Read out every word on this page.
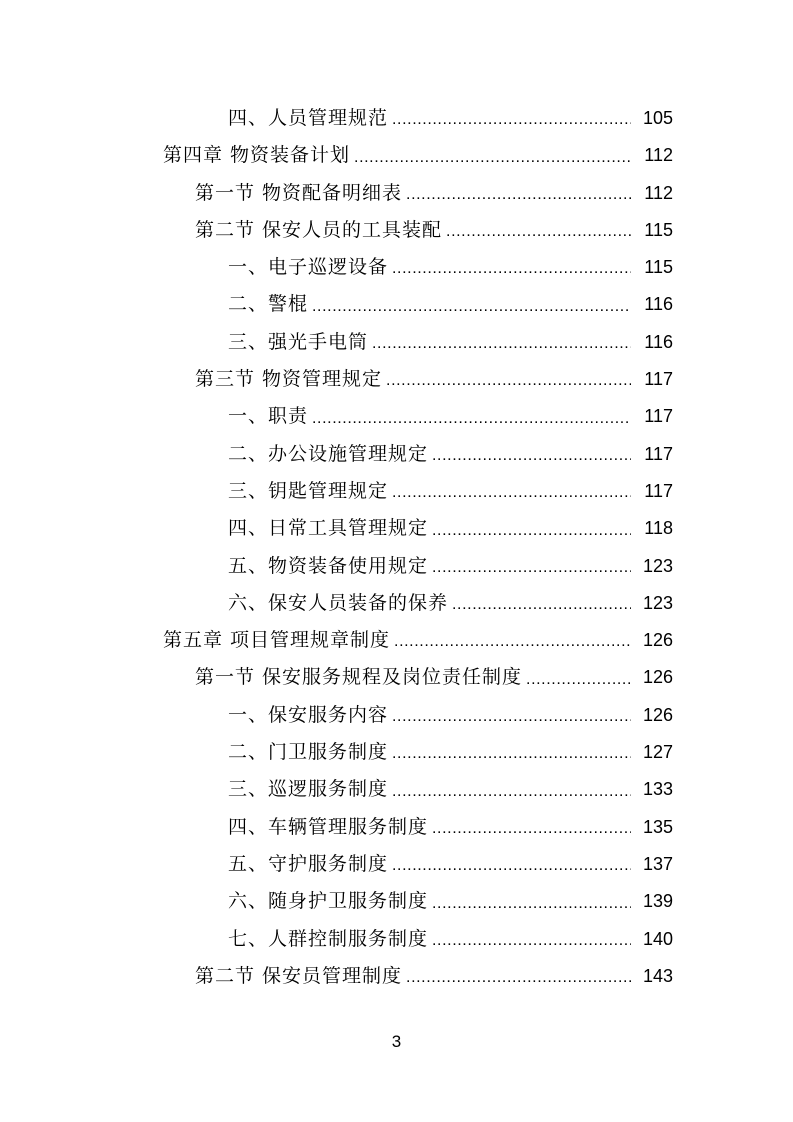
四、人员管理规范 .....	105
第四章 物资装备计划 .....	112
第一节 物资配备明细表 .....	112
第二节 保安人员的工具装配 .....	115
一、电子巡逻设备 .....	115
二、警棍 .....	116
三、强光手电筒 .....	116
第三节 物资管理规定 .....	117
一、职责 .....	117
二、办公设施管理规定 .....	117
三、钥匙管理规定 .....	117
四、日常工具管理规定 .....	118
五、物资装备使用规定 .....	123
六、保安人员装备的保养 .....	123
第五章 项目管理规章制度 .....	126
第一节 保安服务规程及岗位责任制度 .....	126
一、保安服务内容 .....	126
二、门卫服务制度 .....	127
三、巡逻服务制度 .....	133
四、车辆管理服务制度 .....	135
五、守护服务制度 .....	137
六、随身护卫服务制度 .....	139
七、人群控制服务制度 .....	140
第二节 保安员管理制度 .....	143
3
